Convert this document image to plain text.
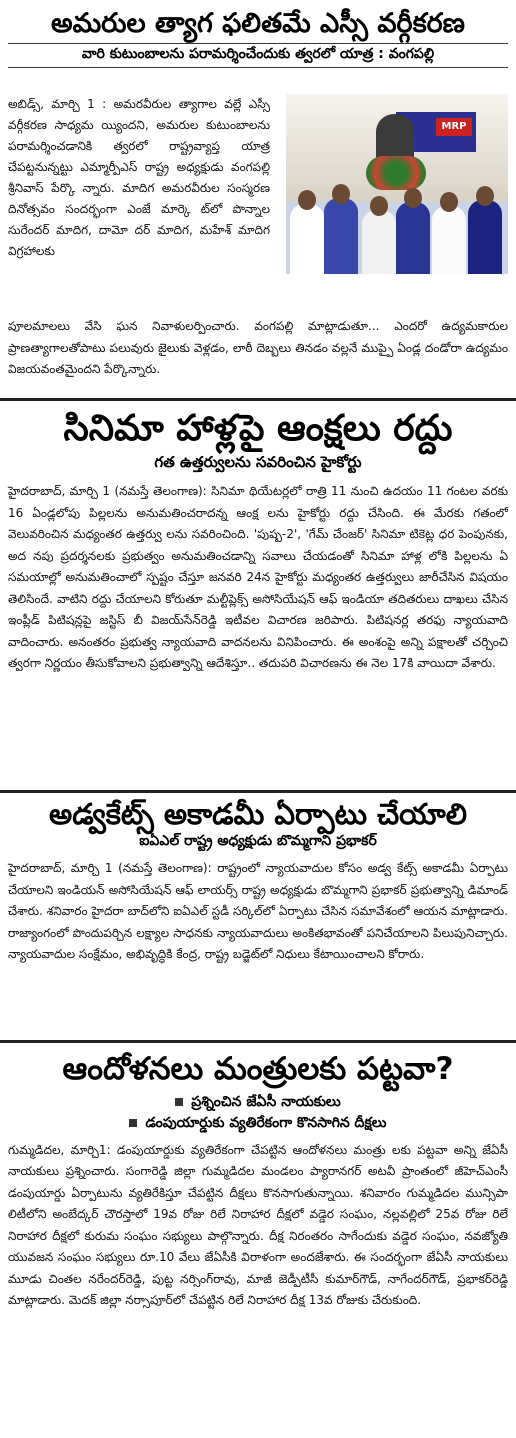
అమరుల త్యాగ ఫలితమే ఎస్సీ వర్గీకరణ
వారి కుటుంబాలను పరామర్శించేందుకు త్వరలో యాత్ర : వంగపల్లి
MRP

అబిడ్స్, మార్చి 1 : అమరవీరుల త్యాగాల వల్లే ఎస్సీ వర్గీకరణ సాధ్యమ య్యిందని, అమరుల కుటుంబాలను పరామర్శించడానికి త్వరలో రాష్ట్రవ్యాప్త యాత్ర చేపట్టనున్నట్టు ఎమ్మార్పీఎస్ రాష్ట్ర అధ్యక్షుడు వంగపల్లి శ్రీనివాస్ పేర్కొ న్నారు. మాదిగ అమరవీరుల సంస్మరణ దినోత్సవం సందర్భంగా ఎంజే మార్కె ట్‌లో పొన్నాల సురేందర్ మాదిగ, దామో దర్ మాదిగ, మహేశ్ మాదిగ విగ్రహాలకు

పూలమాలలు వేసి ఘన నివాళులర్పించారు. వంగపల్లి మాట్లాడుతూ... ఎందరో ఉద్యమకారుల ప్రాణత్యాగాలతోపాటు పలువురు జైలుకు వెళ్లడం, లాఠీ దెబ్బలు తినడం వల్లనే ముప్పై ఏండ్ల దండోరా ఉద్యమం విజయవంతమైందని పేర్కొన్నారు.

సినిమా హాళ్లపై ఆంక్షలు రద్దు
గత ఉత్తర్వులను సవరించిన హైకోర్టు

హైదరాబాద్, మార్చి 1 (నమస్తే తెలంగాణ): సినిమా థియేటర్లలో రాత్రి 11 నుంచి ఉదయం 11 గంటల వరకు 16 ఏండ్లలోపు పిల్లలను అనుమతించరాదన్న ఆంక్ష లను హైకోర్టు రద్దు చేసింది. ఈ మేరకు గతంలో వెలువరించిన మధ్యంతర ఉత్తర్వు లను సవరించింది. 'పుష్ప-2', 'గేమ్ చేంజర్' సినిమా టికెట్ల ధర పెంపునకు, అద నపు ప్రదర్శనలకు ప్రభుత్వం అనుమతించడాన్ని సవాలు చేయడంతో సినిమా హాళ్ల లోకి పిల్లలను ఏ సమయాల్లో అనుమతించాలో స్పష్టం చేస్తూ జనవరి 24న హైకోర్టు మధ్యంతర ఉత్తర్వులు జారీచేసిన విషయం తెలిసిందే. వాటిని రద్దు చేయాలని కోరుతూ మల్టీప్లెక్స్ అసోసియేషన్ ఆఫ్ ఇండియా తదితరులు దాఖలు చేసిన ఇంప్లీడ్ పిటిషన్లపై జస్టిస్ బీ విజయ్‌సేన్‌రెడ్డి ఇటీవల విచారణ జరిపారు. పిటిషనర్ల తరఫు న్యాయవాది వాదించారు. అనంతరం ప్రభుత్వ న్యాయవాది వాదనలను వినిపించారు. ఈ అంశంపై అన్ని పక్షాలతో చర్చించి త్వరగా నిర్ణయం తీసుకోవాలని ప్రభుత్వాన్ని ఆదేశిస్తూ.. తదుపరి విచారణను ఈ నెల 17కి వాయిదా వేశారు.

అడ్వకేట్స్ అకాడమీ ఏర్పాటు చేయాలి
ఐఏఎల్ రాష్ట్ర అధ్యక్షుడు బొమ్మగాని ప్రభాకర్

హైదరాబాద్, మార్చి 1 (నమస్తే తెలంగాణ): రాష్ట్రంలో న్యాయవాదుల కోసం అడ్వ కేట్స్ అకాడమీ ఏర్పాటు చేయాలని ఇండియన్ అసోసియేషన్ ఆఫ్ లాయర్స్ రాష్ట్ర అధ్యక్షుడు బొమ్మగాని ప్రభాకర్ ప్రభుత్వాన్ని డిమాండ్ చేశారు. శనివారం హైదరా బాద్‌లోని ఐఏఎల్ స్టడీ సర్కిల్‌లో ఏర్పాటు చేసిన సమావేశంలో ఆయన మాట్లాడారు. రాజ్యాంగంలో పొందుపర్చిన లక్ష్యాల సాధనకు న్యాయవాదులు అంకితభావంతో పనిచేయాలని పిలుపునిచ్చారు. న్యాయవాదుల సంక్షేమం, అభివృద్ధికి కేంద్ర, రాష్ట్ర బడ్జెట్‌లో నిధులు కేటాయించాలని కోరారు.

ఆందోళనలు మంత్రులకు పట్టవా?
ప్రశ్నించిన జేఏసీ నాయకులు
డంపుయార్డుకు వ్యతిరేకంగా కొనసాగిన దీక్షలు

గుమ్మడిదల, మార్చి1: డంపుయార్డుకు వ్యతిరేకంగా చేపట్టిన ఆందోళనలు మంత్రు లకు పట్టవా అన్ని జేఏసీ నాయకులు ప్రశ్నించారు. సంగారెడ్డి జిల్లా గుమ్మడిదల మండలం ప్యారానగర్ అటవీ ప్రాంతంలో జీహెచ్ఎంసీ డంపుయార్డు ఏర్పాటును వ్యతిరేకిస్తూ చేపట్టిన దీక్షలు కొనసాగుతున్నాయి. శనివారం గుమ్మడిదల మున్సిపా లిటీలోని అంబేద్కర్ చౌరస్తాలో 19వ రోజు రిలే నిరాహార దీక్షలో వడ్డెర సంఘం, నల్లవల్లిలో 25వ రోజు రిలే నిరాహార దీక్షలో కురుమ సంఘం సభ్యులు పాల్గొన్నారు. దీక్ష నిరంతరం సాగేందుకు వడ్డెర సంఘం, నవజ్యోతి యువజన సంఘం సభ్యులు రూ.10 వేలు జేఏసీకి విరాళంగా అందజేశారు. ఈ సందర్భంగా జేఏసీ నాయకులు మూడు చింతల నరేందర్‌రెడ్డి, పుట్ట నర్సింగ్‌రావు, మాజీ జెడ్పీటీసీ కుమార్‌గౌడ్, నాగేందర్‌గౌడ్, ప్రభాకర్‌రెడ్డి మాట్లాడారు. మెదక్ జిల్లా నర్సాపూర్‌లో చేపట్టిన రిలే నిరాహార దీక్ష 13వ రోజుకు చేరుకుంది.
